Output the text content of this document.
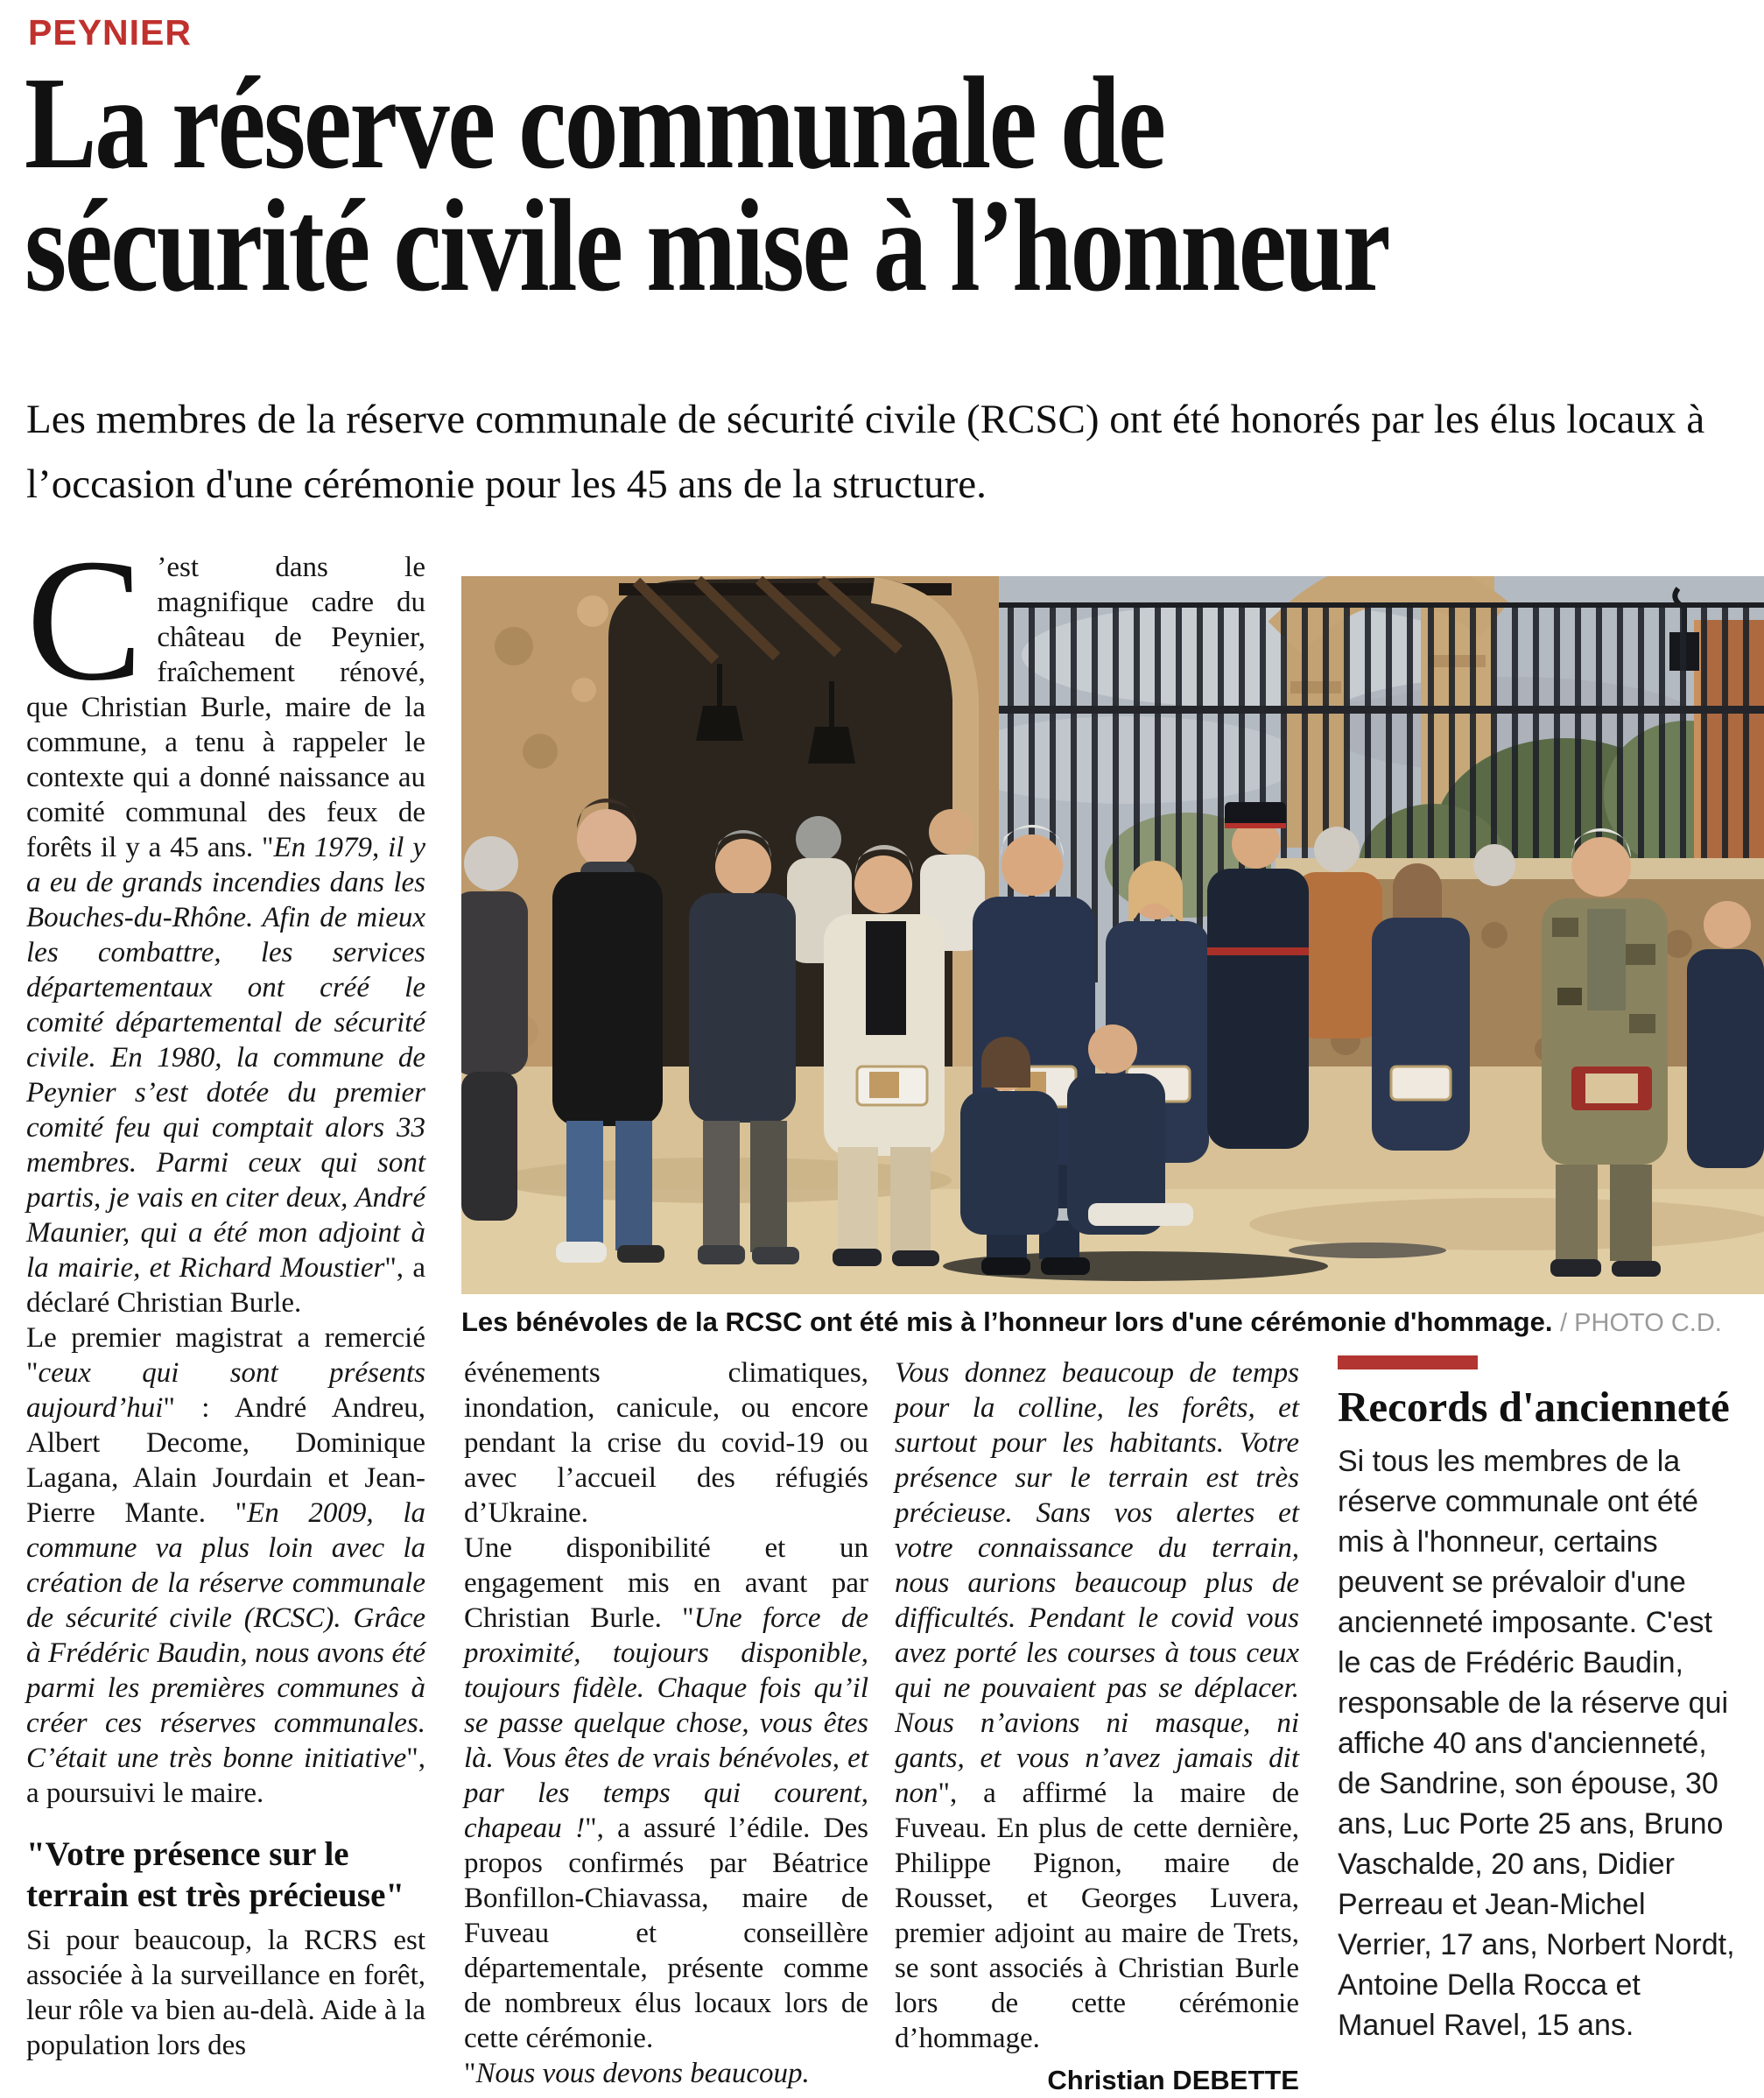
PEYNIER
La réserve communale de
sécurité civile mise à l’honneur
Les membres de la réserve communale de sécurité civile (RCSC) ont été honorés par les élus locaux à l’occasion d'une cérémonie pour les 45 ans de la structure.

C ’est dans le magnifique cadre du château de Peynier, fraîchement rénové, que Christian Burle, maire de la commune, a tenu à rappeler le contexte qui a donné naissance au comité communal des feux de forêts il y a 45 ans. "En 1979, il y a eu de grands incendies dans les Bouches-du-Rhône. Afin de mieux les combattre, les services départementaux ont créé le comité départemental de sécurité civile. En 1980, la commune de Peynier s’est dotée du premier comité feu qui comptait alors 33 membres. Parmi ceux qui sont partis, je vais en citer deux, André Maunier, qui a été mon adjoint à la mairie, et Richard Moustier", a déclaré Christian Burle.

Le premier magistrat a remercié "ceux qui sont présents aujourd’hui" : André Andreu, Albert Decome, Dominique Lagana, Alain Jourdain et Jean-Pierre Mante. "En 2009, la commune va plus loin avec la création de la réserve communale de sécurité civile (RCSC). Grâce à Frédéric Baudin, nous avons été parmi les premières communes à créer ces réserves communales. C’était une très bonne initiative", a poursuivi le maire.

"Votre présence sur le terrain est très précieuse"

Si pour beaucoup, la RCRS est associée à la surveillance en forêt, leur rôle va bien au-delà. Aide à la population lors des

Les bénévoles de la RCSC ont été mis à l’honneur lors d'une cérémonie d'hommage. / PHOTO C.D.

événements climatiques, inondation, canicule, ou encore pendant la crise du covid-19 ou avec l’accueil des réfugiés d’Ukraine.

Une disponibilité et un engagement mis en avant par Christian Burle. "Une force de proximité, toujours disponible, toujours fidèle. Chaque fois qu’il se passe quelque chose, vous êtes là. Vous êtes de vrais bénévoles, et par les temps qui courent, chapeau !", a assuré l’édile. Des propos confirmés par Béatrice Bonfillon-Chiavassa, maire de Fuveau et conseillère départementale, présente comme de nombreux élus locaux lors de cette cérémonie.

"Nous vous devons beaucoup.

Vous donnez beaucoup de temps pour la colline, les forêts, et surtout pour les habitants. Votre présence sur le terrain est très précieuse. Sans vos alertes et votre connaissance du terrain, nous aurions beaucoup plus de difficultés. Pendant le covid vous avez porté les courses à tous ceux qui ne pouvaient pas se déplacer. Nous n’avions ni masque, ni gants, et vous n’avez jamais dit non", a affirmé la maire de Fuveau. En plus de cette dernière, Philippe Pignon, maire de Rousset, et Georges Luvera, premier adjoint au maire de Trets, se sont associés à Christian Burle lors de cette cérémonie d’hommage.

Christian DEBETTE
Records d'ancienneté
Si tous les membres de la réserve communale ont été mis à l'honneur, certains peuvent se prévaloir d'une ancienneté imposante. C'est le cas de Frédéric Baudin, responsable de la réserve qui affiche 40 ans d'ancienneté, de Sandrine, son épouse, 30 ans, Luc Porte 25 ans, Bruno Vaschalde, 20 ans, Didier Perreau et Jean-Michel Verrier, 17 ans, Norbert Nordt, Antoine Della Rocca et Manuel Ravel, 15 ans.
